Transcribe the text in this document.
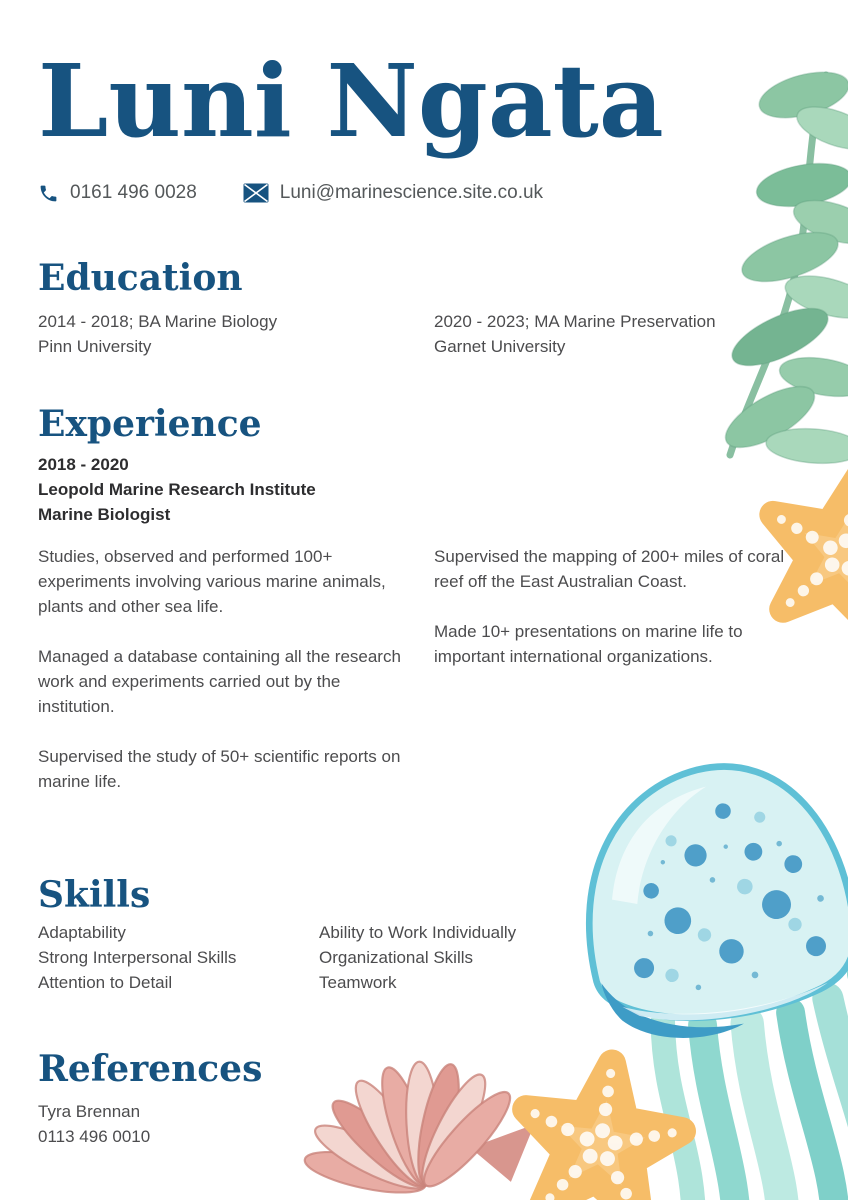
Luni Ngata
0161 496 0028	Luni@marinescience.site.co.uk
Education
2014 - 2018; BA Marine Biology
Pinn University
2020 - 2023; MA Marine Preservation
Garnet University
Experience
2018 - 2020
Leopold Marine Research Institute
Marine Biologist

Studies, observed and performed 100+ experiments involving various marine animals, plants and other sea life.

Managed a database containing all the research work and experiments carried out by the institution.

Supervised the study of 50+ scientific reports on marine life.

Supervised the mapping of 200+ miles of coral reef off the East Australian Coast.

Made 10+ presentations on marine life to important international organizations.

Skills
Adaptability
Strong Interpersonal Skills
Attention to Detail
Ability to Work Individually
Organizational Skills
Teamwork
References
Tyra Brennan
0113 496 0010
